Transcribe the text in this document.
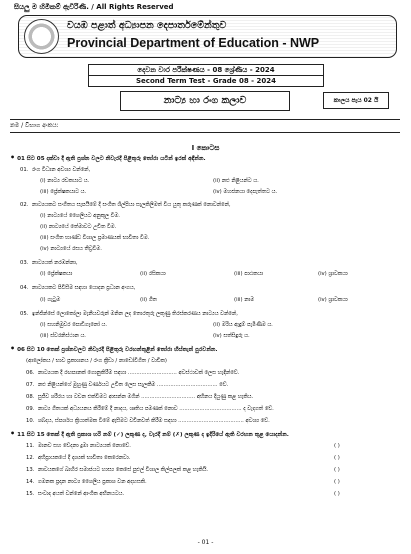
සියලු ම හිමිකම් ඇවිරිණි. / All Rights Reserved
වයඹ පළාත් අධ්‍යාපන දෙපාර්තමේන්තුව
Provincial Department of Education - NWP
දෙවන වාර පරීක්ෂණය - 08 ශ්‍රේණිය - 2024
Second Term Test - Grade 08 - 2024
නාට්‍ය හා රංග කලාව	කාලය පැය 02 යි
නම / විභාග අංකය:
I කොටස
• 01 සිට 05 දක්වා දී ඇති ප්‍රශ්න වලට නිවැරදි පිළිතුරු තෝරා යටින් ඉරක් අඳින්න.
01. රංග විධාන අවශ්‍ය වන්නේ,
(i) නාට්‍ය රචකයාට ය.	(ii) නළු නිළියන්ට ය.
(iii) ප්‍රේක්ෂකයාට ය.	(iv) මහජනයා දෙපැත්තට ය.
02. නාට්‍යයකට සංගීතය සැපයීමේ දී සංගීත ශිල්පියා සැලකිලිමත් විය යුතු කරුණක් නොවන්නේ,
(i) නාට්‍යයේ ශෛලියට අනුකූල වීම.
(ii) නාට්‍යයේ තේමාවට උචිත වීම.
(iii) සංගීත භාණ්ඩ විශාල ප්‍රමාණයක් භාවිතා වීම.
(iv) නාට්‍යයේ රසය තීව්‍රවීම.
03. නාට්‍යයක් නරඹන්නා,
(i) ප්‍රේක්ෂකයා	(ii) රසිකයා	(iii) පාඨකයා	(iv) ශ්‍රාවකයා
04. නාට්‍යයකට පිවිසීම සඳහා යොදන ප්‍රධාන අංගය,
(i) ගැටුම	(ii) ගීත	(iii) නාම	(iv) ශ්‍රාවකයා
05. ඉන්ජින්සේ ලොකෝලා මැනීයවරුන් මනින ලද තොරතුරු ලකුණු තිරස්කරණය නාට්‍යය වන්නේ,
(i) සහනිමුවර පොඩිගෑනෝ ය.	(ii) මරිය ඇඳුම් පැමිණීම ය.
(iii) ස්වරනිස්ථාන ය.	(iv) සත්සිඳුරු ය.
• 06 සිට 10 තෙක් ප්‍රශ්නවලට නිවැරදි පිළිතුරු වරහන්තුළින් තෝරා හිස්තැන් පුරවන්න.
(ආලෝකය / භාව ප්‍රකාශනය / රංග ක්‍රීඩා / නාඩෝවිගිත / වාචික)
06. නාට්‍යයක දී රඟපානක් ගොනුකිරීම සඳහා ............................. අවස්ථාවක් ලෙස හැඳින්වේ.
07. නළු නිළියන්ගේ මුහුණු වර්ණයට උචිත ලෙස සැලකීම .................................... වේ.
08. සුජීව ශරීරය හා වචන එක්වීමට ආසන්න මගින් ................................ අභිනය දියුණු කළ හැකිය.
09. නාට්‍ය ගීතයක් අධ්‍යයනය කිරීමේ දී නාදය, ශ්‍රුතිය පමණක් නොව ..................................... ද වැදගත් වේ.
10. ශබ්දය, ස්පර්ශය ක්‍රියාත්මක වීමේ ඇසීමට වචිනවත් කිරීම සඳහා ....................................... අවශ්‍ය වේ.
• 11 සිට 15 තෙක් දී ඇති ප්‍රකාශ හරි නම් (✓) ලකුණ ද, වැරදි නම් (✗) ලකුණ ද ඉදිරියේ ඇති වරහන තුළ යොදන්න.
11. මානව සහ වේදනා දුමා නාට්‍යයක් නොවේ.	( )
12. අභිප්‍රායකයේ දී දෘශ්‍යක් භාවිතා කෙරෙනවා.	( )
13. නාවයකගේ බාහිර සමාජයට හාස්‍ය කෙසේ පුළුල් විශාල කිල්පලක් කළ හැකියි.	( )
14. ගමනක ප්‍රදාන නාට්‍ය ශෛලිය ප්‍රකාශ වන අදහසකි.	( )
15. සංවාද අයත් වන්නේ ආංගික අභිනයටය.	( )
- 01 -
